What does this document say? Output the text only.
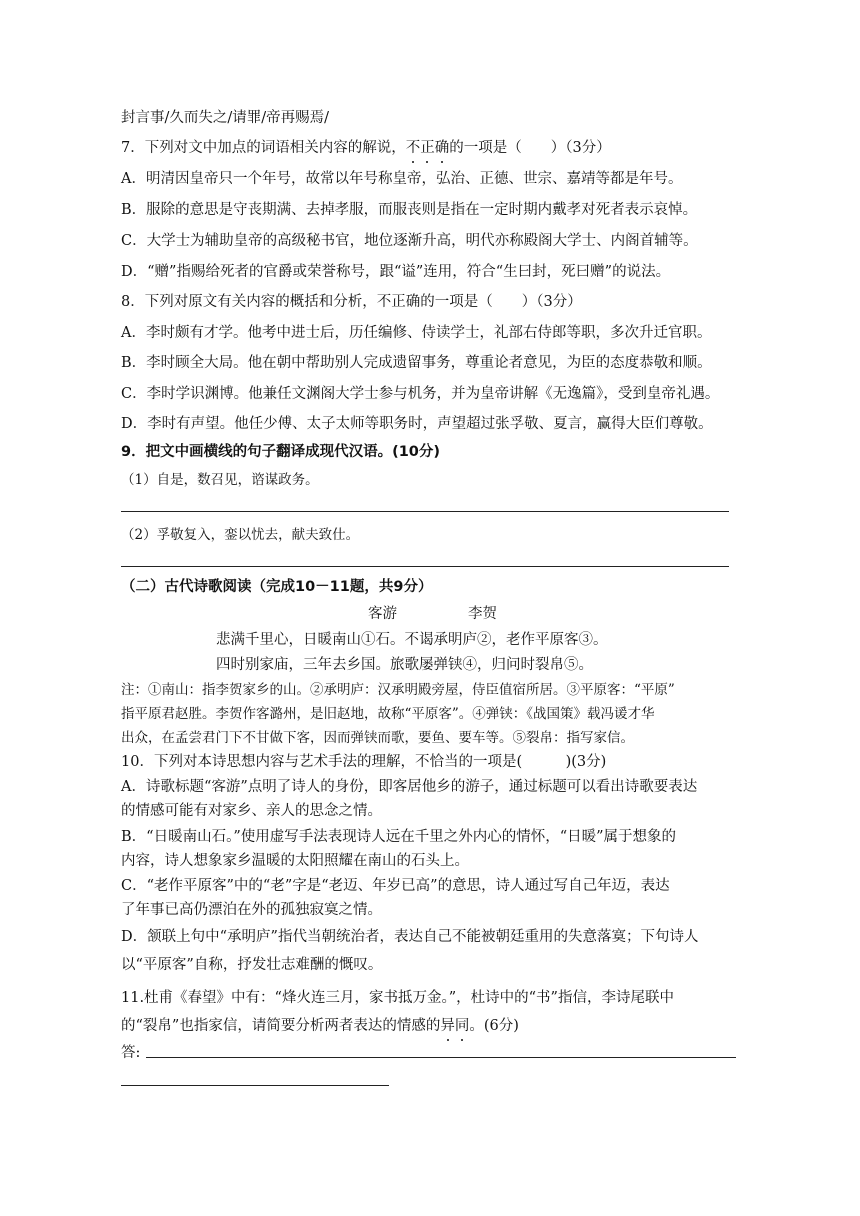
封言事/久而失之/请罪/帝再赐焉/
7．下列对文中加点的词语相关内容的解说，不正确的一项是（　　）（3分）
A．明清因皇帝只一个年号，故常以年号称皇帝，弘治、正德、世宗、嘉靖等都是年号。
B．服除的意思是守丧期满、去掉孝服，而服丧则是指在一定时期内戴孝对死者表示哀悼。
C．大学士为辅助皇帝的高级秘书官，地位逐渐升高，明代亦称殿阁大学士、内阁首辅等。
D．“赠”指赐给死者的官爵或荣誉称号，跟“谥”连用，符合“生曰封，死曰赠”的说法。
8．下列对原文有关内容的概括和分析，不正确的一项是（　　）（3分）
A．李时颇有才学。他考中进士后，历任编修、侍读学士，礼部右侍郎等职，多次升迁官职。
B．李时顾全大局。他在朝中帮助别人完成遗留事务，尊重论者意见，为臣的态度恭敬和顺。
C．李时学识渊博。他兼任文渊阁大学士参与机务，并为皇帝讲解《无逸篇》，受到皇帝礼遇。
D．李时有声望。他任少傅、太子太师等职务时，声望超过张孚敬、夏言，赢得大臣们尊敬。
9．把文中画横线的句子翻译成现代汉语。(10分)
（1）自是，数召见，谘谋政务。
（2）孚敬复入，銮以忧去，献夫致仕。
（二）古代诗歌阅读（完成10－11题，共9分）
客游	李贺
悲满千里心，日暖南山①石。不谒承明庐②，老作平原客③。
四时别家庙，三年去乡国。旅歌屡弹铗④，归问时裂帛⑤。
注：①南山：指李贺家乡的山。②承明庐：汉承明殿旁屋，侍臣值宿所居。③平原客：“平原”
指平原君赵胜。李贺作客潞州，是旧赵地，故称“平原客”。④弹铗：《战国策》载冯谖才华
出众，在孟尝君门下不甘做下客，因而弹铗而歌，要鱼、要车等。⑤裂帛：指写家信。
10．下列对本诗思想内容与艺术手法的理解，不恰当的一项是(　　　)(3分)
A．诗歌标题“客游”点明了诗人的身份，即客居他乡的游子，通过标题可以看出诗歌要表达
的情感可能有对家乡、亲人的思念之情。
B．“日暖南山石。”使用虚写手法表现诗人远在千里之外内心的情怀，“日暖”属于想象的
内容，诗人想象家乡温暖的太阳照耀在南山的石头上。
C．“老作平原客”中的“老”字是“老迈、年岁已高”的意思，诗人通过写自己年迈，表达
了年事已高仍漂泊在外的孤独寂寞之情。
D．颔联上句中“承明庐”指代当朝统治者，表达自己不能被朝廷重用的失意落寞；下句诗人
以“平原客”自称，抒发壮志难酬的慨叹。
11.杜甫《春望》中有：“烽火连三月，家书抵万金。”，杜诗中的“书”指信，李诗尾联中
的“裂帛”也指家信，请简要分析两者表达的情感的异同。(6分)
答:
